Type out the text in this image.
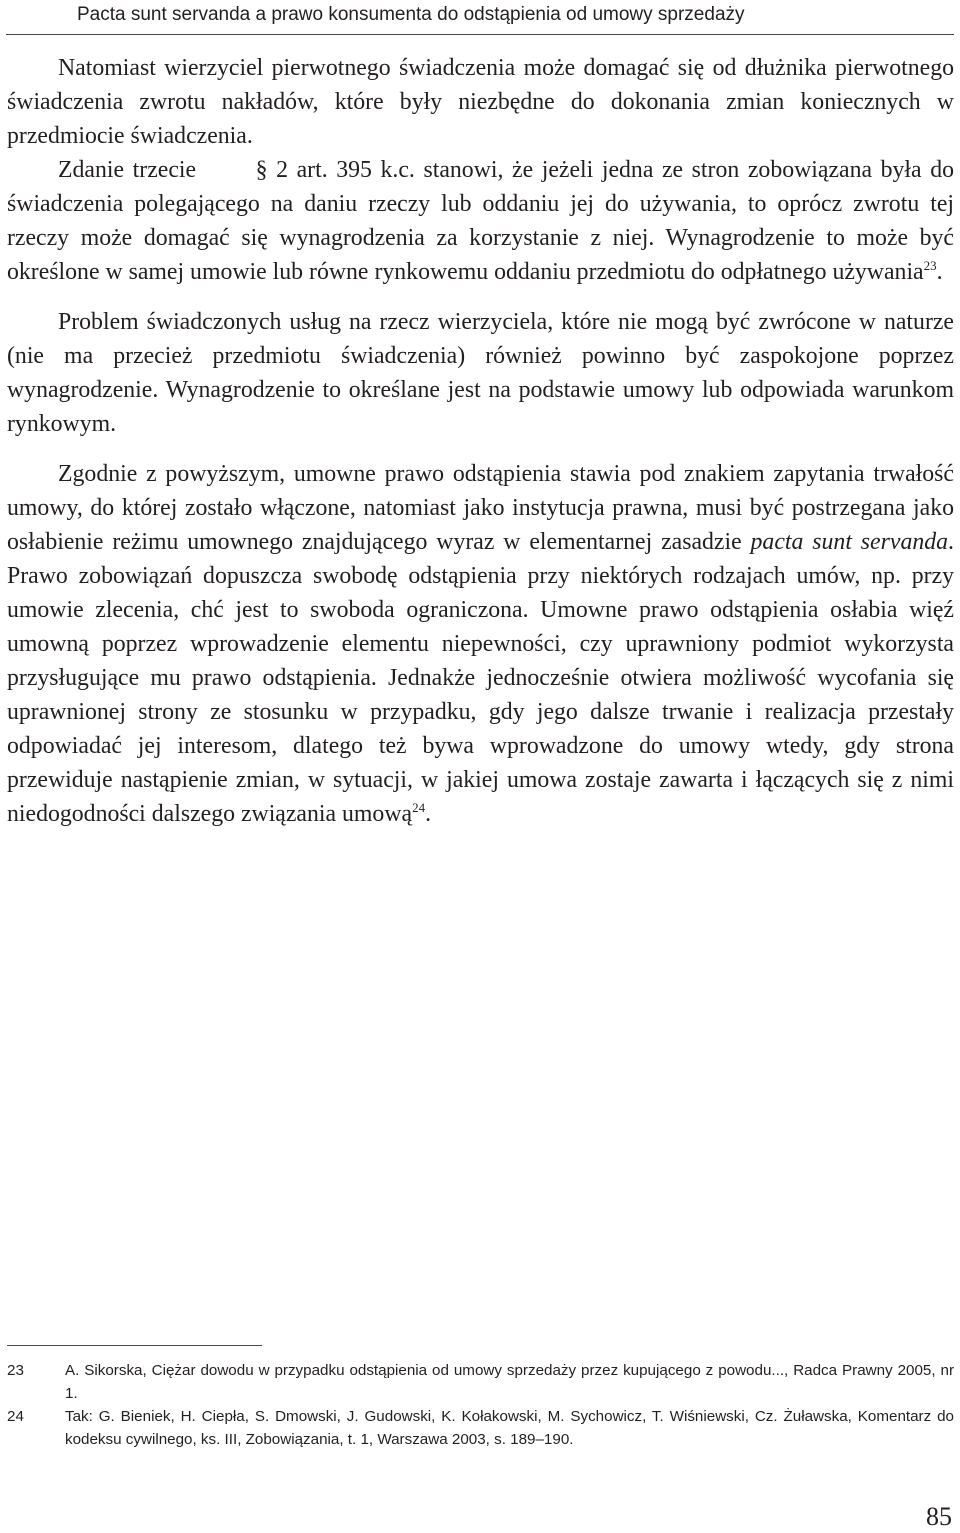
Pacta sunt servanda a prawo konsumenta do odstąpienia od umowy sprzedaży

Natomiast wierzyciel pierwotnego świadczenia może domagać się od dłużnika pierwotnego świadczenia zwrotu nakładów, które były niezbędne do dokonania zmian koniecznych w przedmiocie świadczenia.

Zdanie trzecie § 2 art. 395 k.c. stanowi, że jeżeli jedna ze stron zobowiązana była do świadczenia polegającego na daniu rzeczy lub oddaniu jej do używania, to oprócz zwrotu tej rzeczy może domagać się wynagrodzenia za korzystanie z niej. Wynagrodzenie to może być określone w samej umowie lub równe rynkowemu oddaniu przedmiotu do odpłatnego używania$^{23}$.

Problem świadczonych usług na rzecz wierzyciela, które nie mogą być zwrócone w naturze (nie ma przecież przedmiotu świadczenia) również powinno być zaspokojone poprzez wynagrodzenie. Wynagrodzenie to określane jest na podstawie umowy lub odpowiada warunkom rynkowym.

Zgodnie z powyższym, umowne prawo odstąpienia stawia pod znakiem zapytania trwałość umowy, do której zostało włączone, natomiast jako instytucja prawna, musi być postrzegana jako osłabienie reżimu umownego znajdującego wyraz w elementarnej zasadzie pacta sunt servanda. Prawo zobowiązań dopuszcza swobodę odstąpienia przy niektórych rodzajach umów, np. przy umowie zlecenia, chć jest to swoboda ograniczona. Umowne prawo odstąpienia osłabia więź umowną poprzez wprowadzenie elementu niepewności, czy uprawniony podmiot wykorzysta przysługujące mu prawo odstąpienia. Jednakże jednocześnie otwiera możliwość wycofania się uprawnionej strony ze stosunku w przypadku, gdy jego dalsze trwanie i realizacja przestały odpowiadać jej interesom, dlatego też bywa wprowadzone do umowy wtedy, gdy strona przewiduje nastąpienie zmian, w sytuacji, w jakiej umowa zostaje zawarta i łączących się z nimi niedogodności dalszego związania umową$^{24}$.

23	A. Sikorska, Ciężar dowodu w przypadku odstąpienia od umowy sprzedaży przez kupującego z powodu..., Radca Prawny 2005, nr 1.

24	Tak: G. Bieniek, H. Ciepła, S. Dmowski, J. Gudowski, K. Kołakowski, M. Sychowicz, T. Wiśniewski, Cz. Żuławska, Komentarz do kodeksu cywilnego, ks. III, Zobowiązania, t. 1, Warszawa 2003, s. 189–190.

85
